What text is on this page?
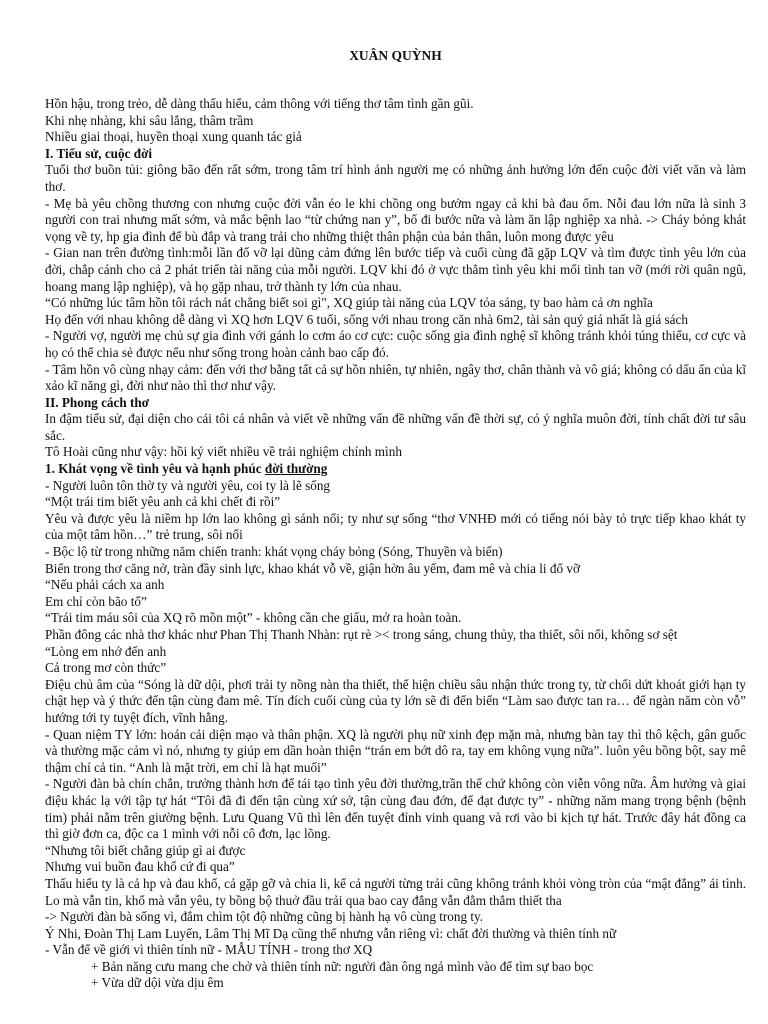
XUÂN QUỲNH

Hồn hậu, trong trẻo, dễ dàng thấu hiểu, cảm thông với tiếng thơ tâm tình gần gũi.

Khi nhẹ nhàng, khi sâu lắng, thâm trầm

Nhiều giai thoại, huyền thoại xung quanh tác giả

I. Tiểu sử, cuộc đời

Tuổi thơ buồn tủi: giông bão đến rất sớm, trong tâm trí hình ảnh người mẹ có những ảnh hưởng lớn đến cuộc đời viết văn và làm thơ.

- Mẹ bà yêu chồng thương con nhưng cuộc đời vẫn éo le khi chồng ong bướm ngay cả khi bà đau ốm. Nỗi đau lớn nữa là sinh 3 người con trai nhưng mất sớm, và mắc bệnh lao “từ chứng nan y”, bố đi bước nữa và làm ăn lập nghiệp xa nhà. -> Cháy bỏng khát vọng về ty, hp gia đình để bù đắp và trang trải cho những thiệt thân phận của bản thân, luôn mong được yêu

- Gian nan trên đường tình:mỗi lần đổ vỡ lại dũng cảm đứng lên bước tiếp và cuối cùng đã gặp LQV và tìm được tình yêu lớn của đời, chắp cánh cho cả 2 phát triển tài năng của mỗi người. LQV khi đó ở vực thẳm tình yêu khi mối tình tan vỡ (mới rời quân ngũ, hoang mang lập nghiệp), và họ gặp nhau, trở thành ty lớn của nhau.

“Có những lúc tâm hồn tôi rách nát chẳng biết soi gì", XQ giúp tài năng của LQV tỏa sáng, ty bao hàm cả ơn nghĩa

Họ đến với nhau không dễ dàng vì XQ hơn LQV 6 tuổi, sống với nhau trong căn nhà 6m2, tài sản quý giá nhất là giá sách

- Người vợ, người mẹ chủ sự gia đình với gánh lo cơm áo cơ cực: cuộc sống gia đình nghệ sĩ không tránh khỏi túng thiếu, cơ cực và họ có thể chia sẻ được nếu như sống trong hoàn cảnh bao cấp đó.

- Tâm hồn vô cùng nhạy cảm: đến với thơ bằng tất cả sự hồn nhiên, tự nhiên, ngây thơ, chân thành và vô giá; không có dấu ấn của kĩ xảo kĩ năng gì, đời như nào thì thơ như vậy.

II. Phong cách thơ

In đậm tiểu sử, đại diện cho cái tôi cá nhân và viết về những vấn đề những vấn đề thời sự, có ý nghĩa muôn đời, tính chất đời tư sâu sắc.

Tô Hoài cũng như vậy: hồi ký viết nhiều về trải nghiệm chính mình

1. Khát vọng về tình yêu và hạnh phúc đời thường

- Người luôn tôn thờ ty và người yêu, coi ty là lẽ sống

“Một trái tim biết yêu anh cả khi chết đi rồi”

Yêu và được yêu là niềm hp lớn lao không gì sánh nổi; ty như sự sống “thơ VNHĐ mới có tiếng nói bày tỏ trực tiếp khao khát ty của một tâm hồn…” trẻ trung, sôi nổi

- Bộc lộ từ trong những năm chiến tranh: khát vọng cháy bỏng (Sóng, Thuyền và biển)

Biển trong thơ căng nở, tràn đầy sinh lực, khao khát vỗ về, giận hờn âu yếm, đam mê và chia li đổ vỡ

“Nếu phải cách xa anh

Em chỉ còn bão tố”

“Trái tim máu sôi của XQ rõ mồn một” - không cần che giấu, mở ra hoàn toàn.

Phần đông các nhà thơ khác như Phan Thị Thanh Nhàn: rụt rè >< trong sáng, chung thủy, tha thiết, sôi nổi, không sơ sệt

“Lòng em nhớ đến anh

Cả trong mơ còn thức”

Điệu chủ âm của “Sóng là dữ dội, phơi trải ty nồng nàn tha thiết, thể hiện chiều sâu nhận thức trong ty, từ chối dứt khoát giới hạn ty chật hẹp và ý thức đến tận cùng đam mê. Tín đích cuối cùng của ty lớn sẽ đi đến biển “Làm sao được tan ra… để ngàn năm còn vỗ” hướng tới ty tuyệt đích, vĩnh hằng.

- Quan niệm TY lớn: hoán cải diện mạo và thân phận. XQ là người phụ nữ xinh đẹp mặn mà, nhưng bàn tay thì thô kệch, gân guốc và thường mặc cảm vì nó, nhưng ty giúp em dần hoàn thiện “trán em bớt dô ra, tay em không vụng nữa”. luôn yêu bồng bột, say mê thậm chí cả tin. “Anh là mặt trời, em chỉ là hạt muối”

- Người đàn bà chín chắn, trưởng thành hơn để tái tạo tình yêu đời thường,trần thế chứ không còn viễn vông nữa. Âm hưởng và giai điệu khác lạ với tập tự hát “Tôi đã đi đến tận cùng xứ sở, tận cùng đau đớn, để đạt được ty” - những năm mang trọng bệnh (bệnh tim) phải nằm trên giường bệnh. Lưu Quang Vũ thì lên đến tuyệt đỉnh vinh quang và rơi vào bi kịch tự hát. Trước đây hát đồng ca thì giờ đơn ca, độc ca 1 mình với nỗi cô đơn, lạc lõng.

“Nhưng tôi biết chẳng giúp gì ai được

Nhưng vui buồn đau khổ cứ đi qua”

Thấu hiểu ty là cả hp và đau khổ, cả gặp gỡ và chia li, kể cả người từng trải cũng không tránh khỏi vòng tròn của “mật đắng” ái tình. Lo mà vẫn tin, khổ mà vẫn yêu, ty bồng bộ thuở đầu trải qua bao cay đắng vẫn đằm thắm thiết tha

-> Người đàn bà sống vì, đắm chìm tột độ những cũng bị hành hạ vô cùng trong ty.

Ý Nhi, Đoàn Thị Lam Luyến, Lâm Thị Mĩ Dạ cũng thể nhưng vẫn riêng vì: chất đời thường và thiên tính nữ

- Vẫn để về giới vì thiên tính nữ - MẪU TÍNH - trong thơ XQ

+ Bản năng cưu mang che chở và thiên tính nữ: người đàn ông ngả mình vào để tìm sự bao bọc

+ Vừa dữ dội vừa dịu êm
